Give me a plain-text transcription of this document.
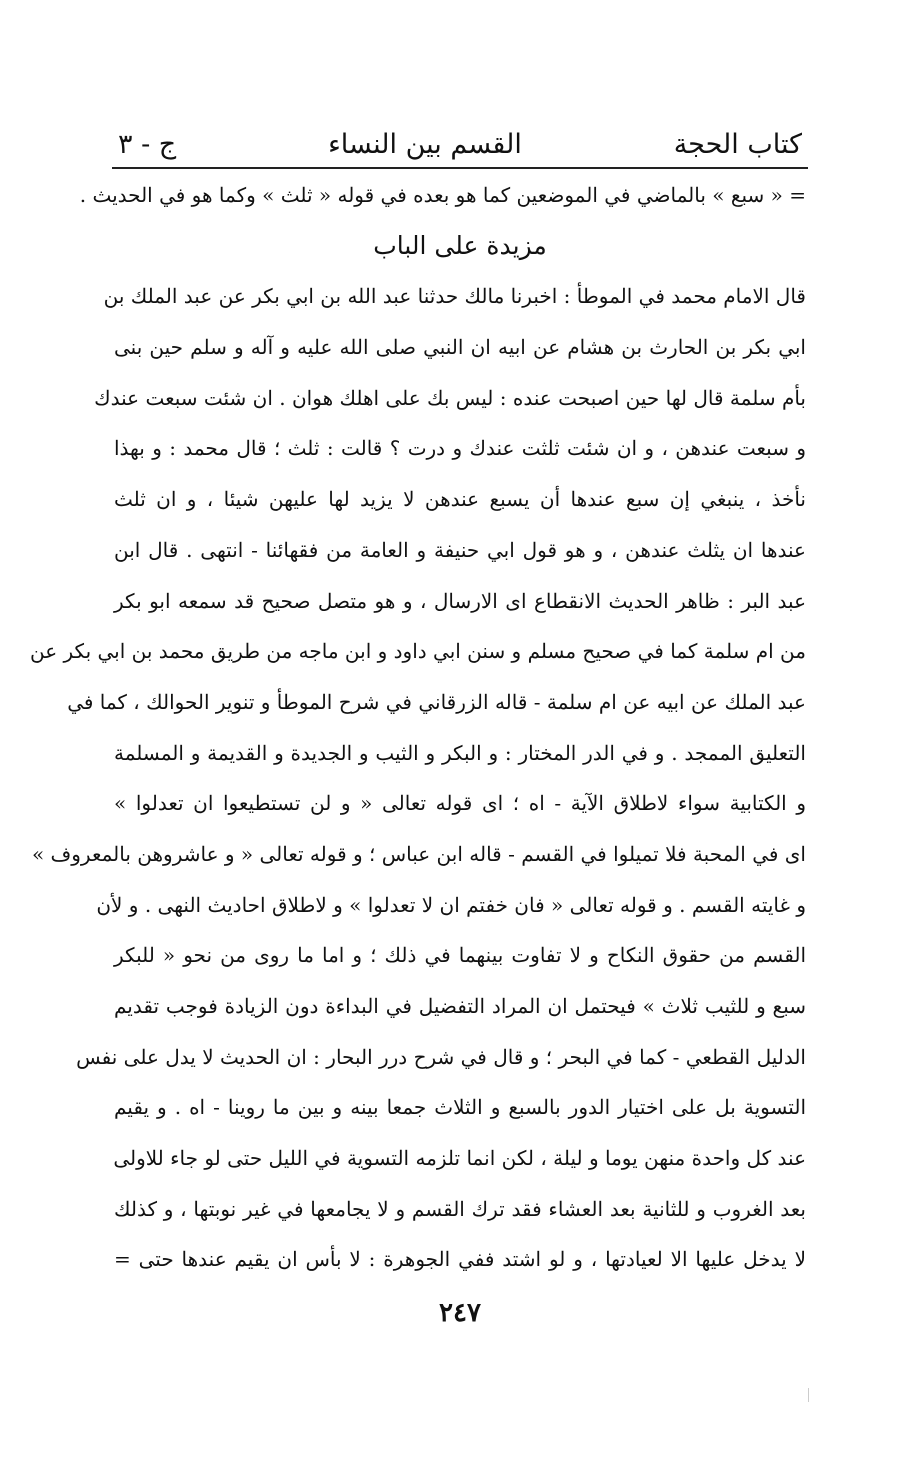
كتاب الحجة
القسم بين النساء
ج - ٣
= « سبع » بالماضي في الموضعين كما هو بعده في قوله « ثلث » وكما هو في الحديث ‎.
مزيدة على الباب
قال الامام محمد في الموطأ : اخبرنا مالك حدثنا عبد الله بن ابي بكر عن عبد الملك بن
ابي بكر بن الحارث بن هشام عن ابيه ان النبي صلى الله عليه و آله و سلم حين بنى
بأم سلمة قال لها حين اصبحت عنده : ليس بك على اهلك هوان . ان شئت سبعت عندك
و سبعت عندهن ، و ان شئت ثلثت عندك و درت ؟ قالت : ثلث ؛ قال محمد : و بهذا
نأخذ ، ينبغي إن سبع عندها أن يسبع عندهن لا يزيد لها عليهن شيئا ، و ان ثلث
عندها ان يثلث عندهن ، و هو قول ابي حنيفة و العامة من فقهائنا - انتهى ‎. قال ابن
عبد البر : ظاهر الحديث الانقطاع اى الارسال ، و هو متصل صحيح قد سمعه ابو بكر
من ام سلمة كما في صحيح مسلم و سنن ابي داود و ابن ماجه من طريق محمد بن ابي بكر عن
عبد الملك عن ابيه عن ام سلمة - قاله الزرقاني في شرح الموطأ و تنوير الحوالك ، كما في
التعليق الممجد ‎. و في الدر المختار : و البكر و الثيب و الجديدة و القديمة و المسلمة
و الكتابية سواء لاطلاق الآية - اه ؛ اى قوله تعالى « و لن تستطيعوا ان تعدلوا »
اى في المحبة فلا تميلوا في القسم - قاله ابن عباس ؛ و قوله تعالى « و عاشروهن بالمعروف »
و غايته القسم . و قوله تعالى « فان خفتم ان لا تعدلوا » و لاطلاق احاديث النهى . و لأن
القسم من حقوق النكاح و لا تفاوت بينهما في ذلك ؛ و اما ما روى من نحو « للبكر
سبع و للثيب ثلاث » فيحتمل ان المراد التفضيل في البداءة دون الزيادة فوجب تقديم
الدليل القطعي - كما في البحر ؛ و قال في شرح درر البحار : ان الحديث لا يدل على نفس
التسوية بل على اختيار الدور بالسبع و الثلاث جمعا بينه و بين ما روينا - اه ‎. و يقيم
عند كل واحدة منهن يوما و ليلة ، لكن انما تلزمه التسوية في الليل حتى لو جاء للاولى
بعد الغروب و للثانية بعد العشاء فقد ترك القسم و لا يجامعها في غير نوبتها ، و كذلك
لا يدخل عليها الا لعيادتها ، و لو اشتد ففي الجوهرة : لا بأس ان يقيم عندها حتى =
٢٤٧
